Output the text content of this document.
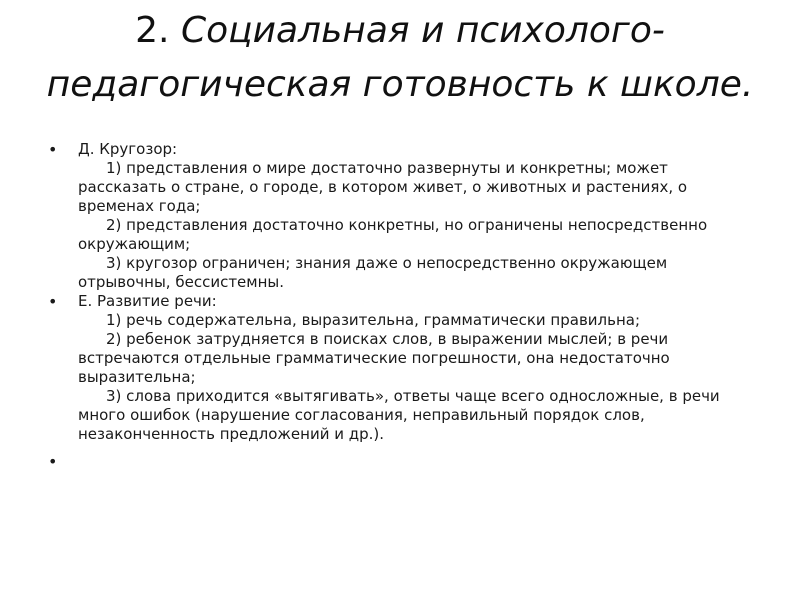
2. Социальная и психолого-педагогическая готовность к школе.
• Д. Кругозор:
1) представления о мире достаточно развернуты и конкретны; может рассказать о стране, о городе, в котором живет, о животных и растениях, о временах года;
2) представления достаточно конкретны, но ограничены непосредственно окружающим;
3) кругозор ограничен; знания даже о непосредственно окружающем отрывочны, бессистемны.
• Е. Развитие речи:
1) речь содержательна, выразительна, грамматически правильна;
2) ребенок затрудняется в поисках слов, в выражении мыслей; в речи встречаются отдельные грамматические погрешности, она недостаточно выразительна;
3) слова приходится «вытягивать», ответы чаще всего односложные, в речи много ошибок (нарушение согласования, неправильный порядок слов, незаконченность предложений и др.).
•
